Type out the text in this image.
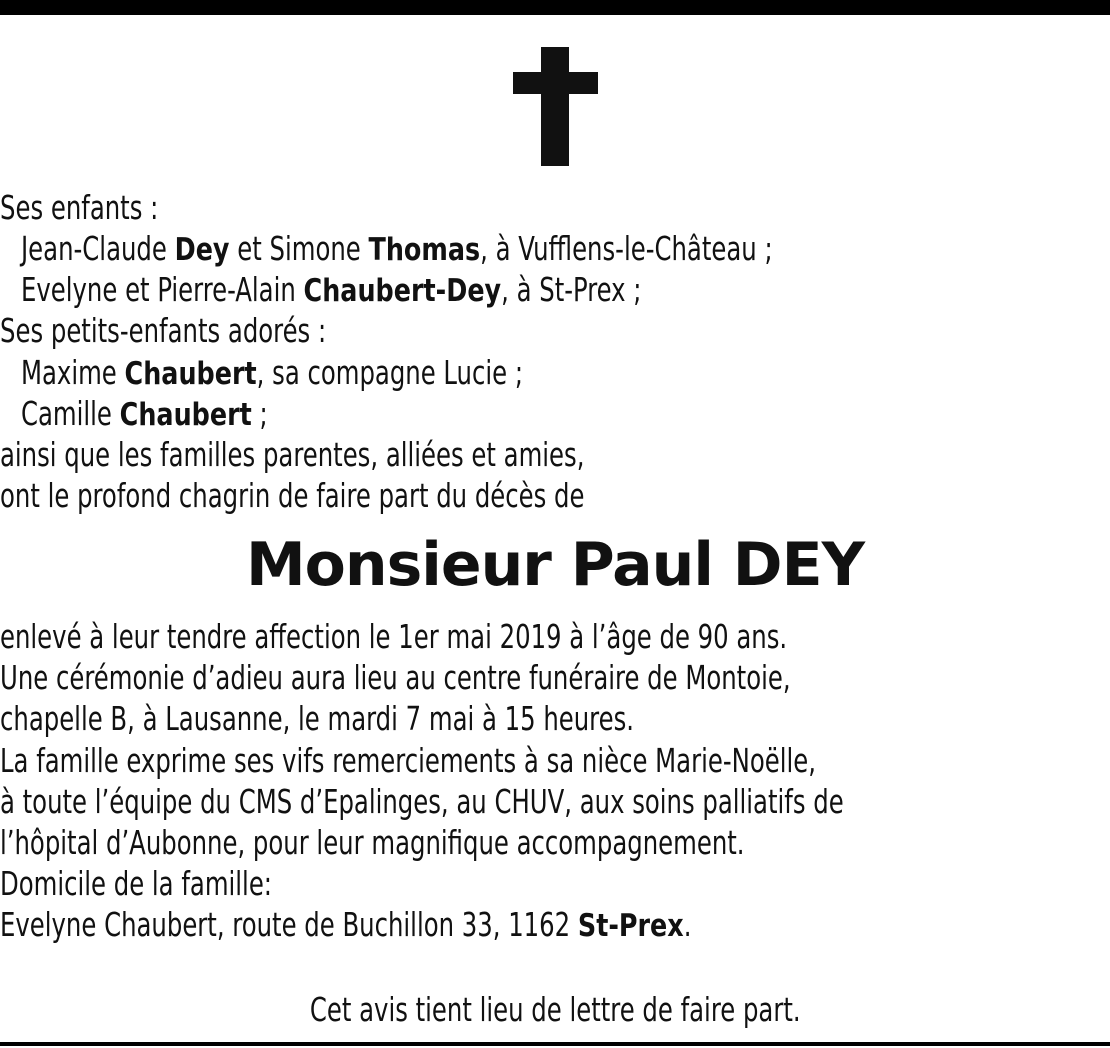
Ses enfants :
Jean-Claude Dey et Simone Thomas, à Vufflens-le-Château ;
Evelyne et Pierre-Alain Chaubert-Dey, à St-Prex ;
Ses petits-enfants adorés :
Maxime Chaubert, sa compagne Lucie ;
Camille Chaubert ;
ainsi que les familles parentes, alliées et amies,
ont le profond chagrin de faire part du décès de
Monsieur Paul DEY
enlevé à leur tendre affection le 1er mai 2019 à l’âge de 90 ans.
Une cérémonie d’adieu aura lieu au centre funéraire de Montoie,
chapelle B, à Lausanne, le mardi 7 mai à 15 heures.
La famille exprime ses vifs remerciements à sa nièce Marie-Noëlle,
à toute l’équipe du CMS d’Epalinges, au CHUV, aux soins palliatifs de
l’hôpital d’Aubonne, pour leur magnifique accompagnement.
Domicile de la famille:
Evelyne Chaubert, route de Buchillon 33, 1162 St-Prex.
Cet avis tient lieu de lettre de faire part.
